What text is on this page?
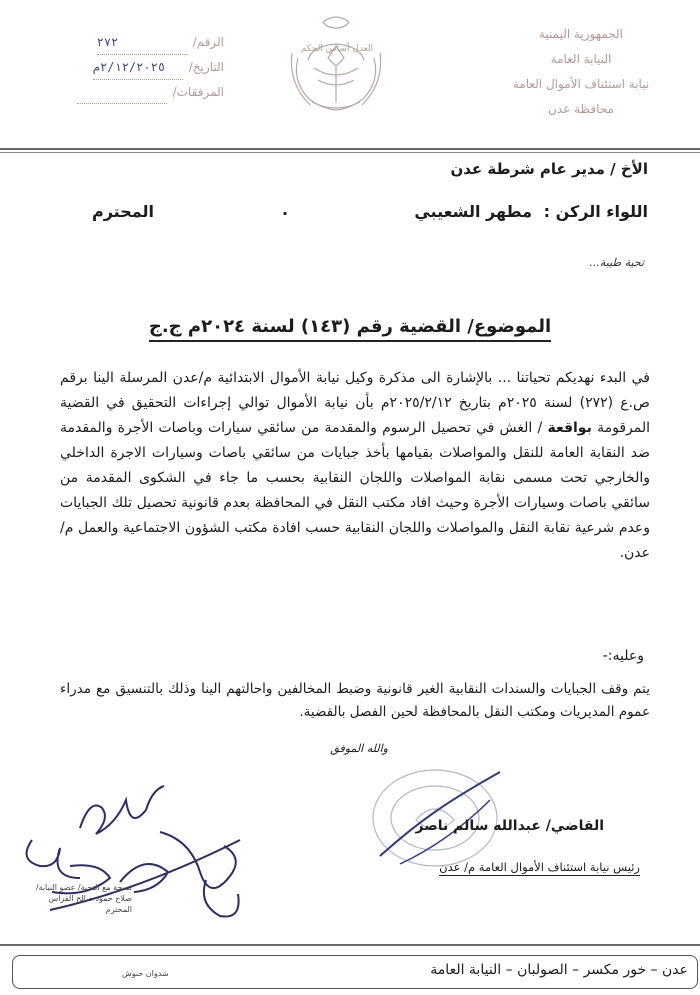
الجمهورية اليمنية
النيابة العامة
نيابة استئناف الأموال العامة
محافظة عدن
العدل أساس الحكم
الرقم/
٢٧٢
التاريخ/
٢/١٢/٢٠٢٥م
المرفقات/
الأخ / مدير عام شرطة عدن
اللواء الركن : مطهر الشعيبي
.
المحترم
تحية طيبة...
الموضوع/ القضية رقم (١٤٣) لسنة ٢٠٢٤م ج.ج
في البدء نهديكم تحياتنا ... بالإشارة الى مذكرة وكيل نيابة الأموال الابتدائية م/عدن المرسلة الينا برقم ص.ع (٢٧٢) لسنة ٢٠٢٥م بتاريخ ٢٠٢٥/٢/١٢م بأن نيابة الأموال توالي إجراءات التحقيق في القضية المرقومة بواقعة / الغش في تحصيل الرسوم والمقدمة من سائقي سيارات وباصات الأجرة والمقدمة ضد النقابة العامة للنقل والمواصلات بقيامها بأخذ جبايات من سائقي باصات وسيارات الاجرة الداخلي والخارجي تحت مسمى نقابة المواصلات واللجان النقابية بحسب ما جاء في الشكوى المقدمة من سائقي باصات وسيارات الأجرة وحيث افاد مكتب النقل في المحافظة بعدم قانونية تحصيل تلك الجبايات وعدم شرعية نقابة النقل والمواصلات واللجان النقابية حسب افادة مكتب الشؤون الاجتماعية والعمل م/عدن.
وعليه:-
يتم وقف الجبايات والسندات النقابية الغير قانونية وضبط المخالفين واحالتهم الينا وذلك بالتنسيق مع مدراء عموم المديريات ومكتب النقل بالمحافظة لحين الفصل بالقضية.
والله الموفق
القاضي/ عبدالله سالم ناصر
رئيس نيابة استئناف الأموال العامة م/ عدن
نسخة مع التحية/ عضو النيابة/ صلاح حمود صالح الفراس المحترم
عدن – خور مكسر – الصولبان – النيابة العامة
شدوان حنوش
